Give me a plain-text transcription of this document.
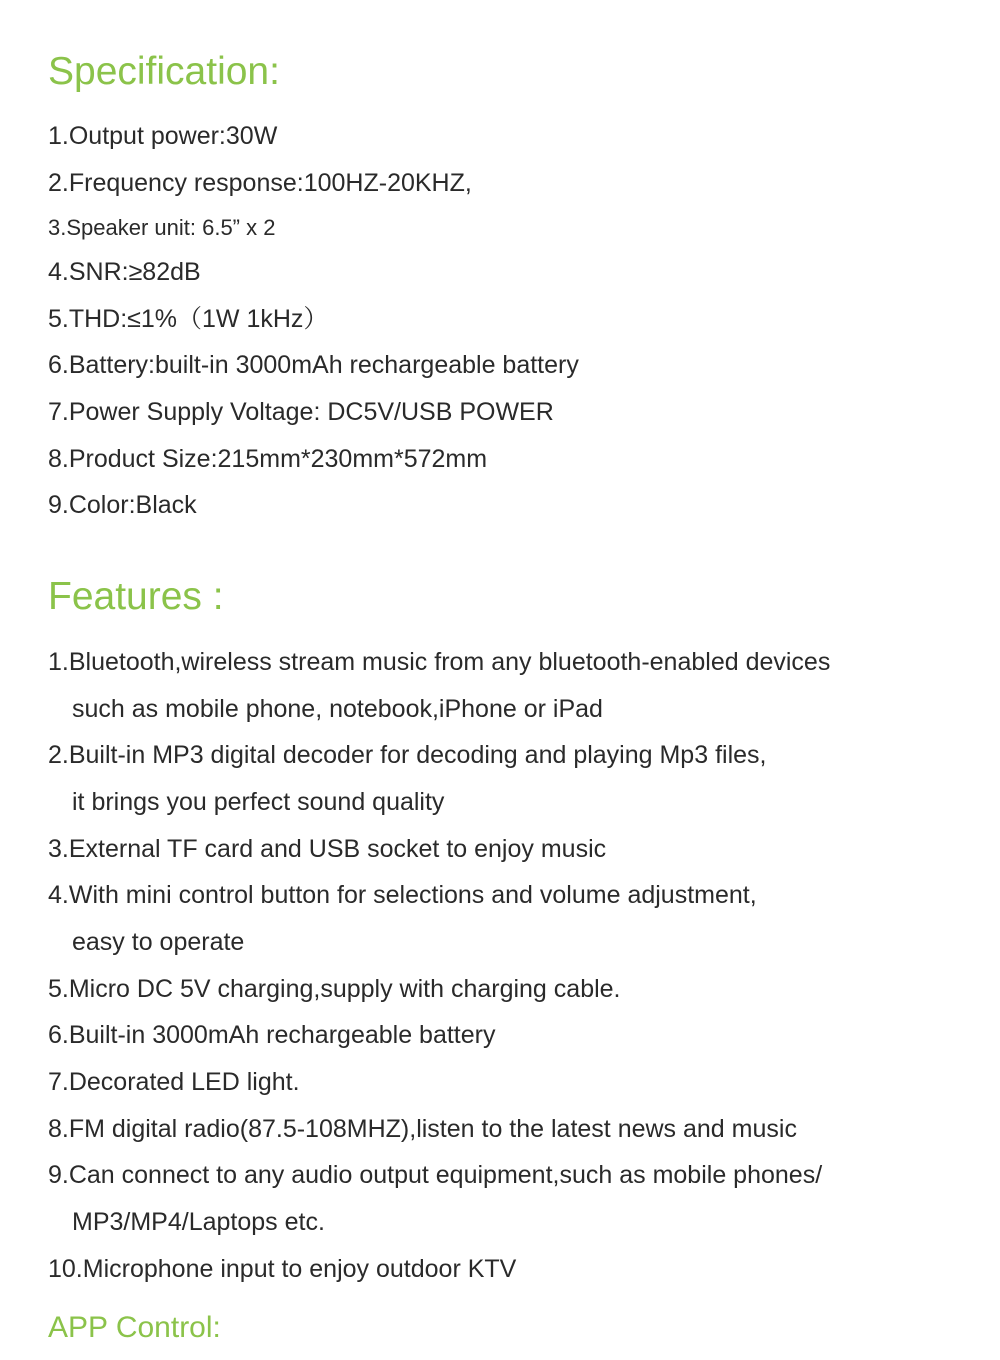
Specification:

1.Output power:30W

2.Frequency response:100HZ-20KHZ,

3.Speaker unit: 6.5” x 2

4.SNR:≥82dB

5.THD:≤1%（1W 1kHz）

6.Battery:built-in 3000mAh rechargeable battery

7.Power Supply Voltage: DC5V/USB POWER

8.Product Size:215mm*230mm*572mm

9.Color:Black

Features :

1.Bluetooth,wireless stream music from any bluetooth-enabled devices

such as mobile phone, notebook,iPhone or iPad

2.Built-in MP3 digital decoder for decoding and playing Mp3 files,

it brings you perfect sound quality

3.External TF card and USB socket to enjoy music

4.With mini control button for selections and volume adjustment,

easy to operate

5.Micro DC 5V charging,supply with charging cable.

6.Built-in 3000mAh rechargeable battery

7.Decorated LED light.

8.FM digital radio(87.5-108MHZ),listen to the latest news and music

9.Can connect to any audio output equipment,such as mobile phones/

MP3/MP4/Laptops etc.

10.Microphone input to enjoy outdoor KTV

APP Control:
